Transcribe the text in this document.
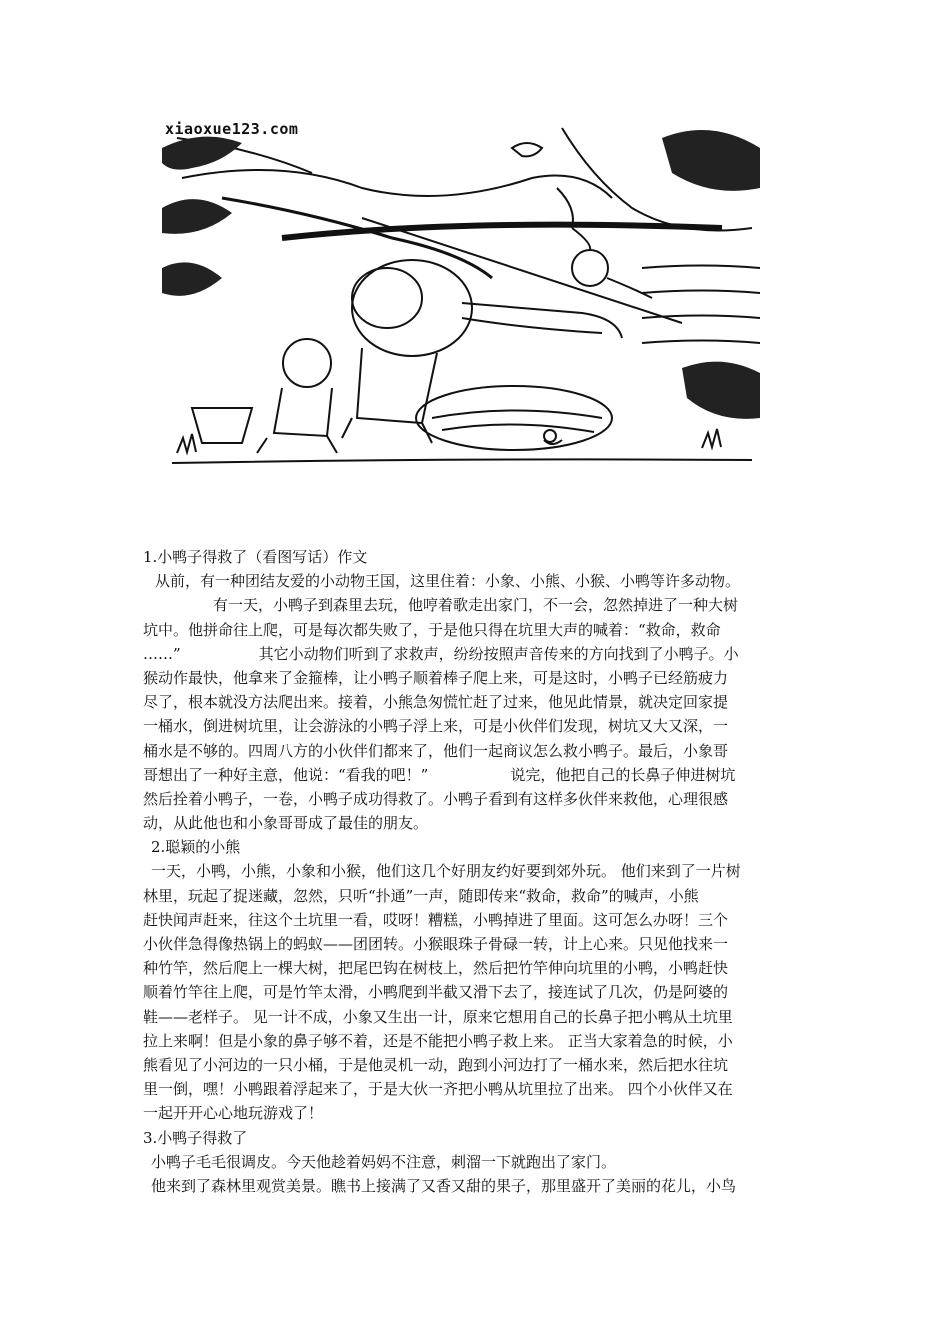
xiaoxue123.com
1.小鸭子得救了（看图写话）作文
从前，有一种团结友爱的小动物王国，这里住着：小象、小熊、小猴、小鸭等许多动物。
有一天，小鸭子到森里去玩，他哼着歌走出家门，不一会，忽然掉进了一种大树
坑中。他拼命往上爬，可是每次都失败了，于是他只得在坑里大声的喊着：“救命，救命
……”	其它小动物们听到了求救声，纷纷按照声音传来的方向找到了小鸭子。小
猴动作最快，他拿来了金箍棒，让小鸭子顺着棒子爬上来，可是这时，小鸭子已经筋疲力
尽了，根本就没方法爬出来。接着，小熊急匆慌忙赶了过来，他见此情景，就决定回家提
一桶水，倒进树坑里，让会游泳的小鸭子浮上来，可是小伙伴们发现，树坑又大又深，一
桶水是不够的。四周八方的小伙伴们都来了，他们一起商议怎么救小鸭子。最后，小象哥
哥想出了一种好主意，他说：“看我的吧！”	说完，他把自己的长鼻子伸进树坑
然后拴着小鸭子，一卷，小鸭子成功得救了。小鸭子看到有这样多伙伴来救他，心理很感
动，从此他也和小象哥哥成了最佳的朋友。
2.聪颖的小熊
一天，小鸭，小熊，小象和小猴，他们这几个好朋友约好要到郊外玩。 他们来到了一片树
林里，玩起了捉迷藏，忽然，只听“扑通”一声，随即传来“救命，救命”的喊声，小熊
赶快闻声赶来，往这个土坑里一看，哎呀！糟糕，小鸭掉进了里面。这可怎么办呀！三个
小伙伴急得像热锅上的蚂蚁——团团转。小猴眼珠子骨碌一转，计上心来。只见他找来一
种竹竿，然后爬上一棵大树，把尾巴钩在树枝上，然后把竹竿伸向坑里的小鸭，小鸭赶快
顺着竹竿往上爬，可是竹竿太滑，小鸭爬到半截又滑下去了，接连试了几次，仍是阿婆的
鞋——老样子。 见一计不成，小象又生出一计，原来它想用自己的长鼻子把小鸭从土坑里
拉上来啊！但是小象的鼻子够不着，还是不能把小鸭子救上来。 正当大家着急的时候，小
熊看见了小河边的一只小桶，于是他灵机一动，跑到小河边打了一桶水来，然后把水往坑
里一倒，嘿！小鸭跟着浮起来了，于是大伙一齐把小鸭从坑里拉了出来。 四个小伙伴又在
一起开开心心地玩游戏了！
3.小鸭子得救了
小鸭子毛毛很调皮。今天他趁着妈妈不注意，刺溜一下就跑出了家门。
他来到了森林里观赏美景。瞧书上接满了又香又甜的果子，那里盛开了美丽的花儿，小鸟
